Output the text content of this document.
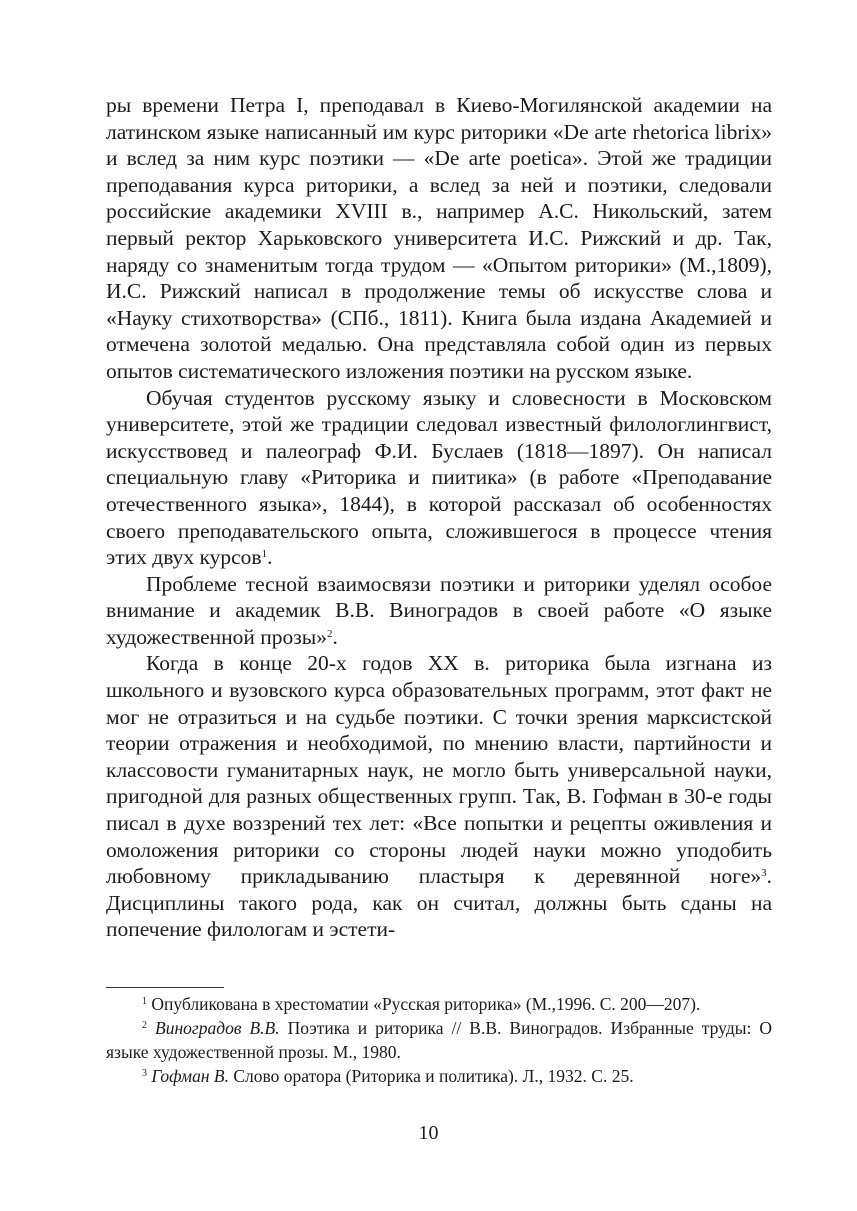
ры времени Петра I, преподавал в Киево-Могилянской академии на латинском языке написанный им курс риторики «De arte rhetorica librix» и вслед за ним курс поэтики — «De arte poetica». Этой же традиции преподавания курса риторики, а вслед за ней и поэтики, следовали российские академики XVIII в., например А.С. Никольский, затем первый ректор Харьковского университета И.С. Рижский и др. Так, наряду со знаменитым тогда трудом — «Опытом риторики» (М.,1809), И.С. Рижский написал в продолжение темы об искусстве слова и «Науку стихотворства» (СПб., 1811). Книга была издана Академией и отмечена золотой медалью. Она представляла собой один из первых опытов систематического изложения поэтики на русском языке.

Обучая студентов русскому языку и словесности в Московском университете, этой же традиции следовал известный филологлингвист, искусствовед и палеограф Ф.И. Буслаев (1818—1897). Он написал специальную главу «Риторика и пиитика» (в работе «Преподавание отечественного языка», 1844), в которой рассказал об особенностях своего преподавательского опыта, сложившегося в процессе чтения этих двух курсов$^1$.

Проблеме тесной взаимосвязи поэтики и риторики уделял особое внимание и академик В.В. Виноградов в своей работе «О языке художественной прозы»$^2$.

Когда в конце 20-х годов XX в. риторика была изгнана из школьного и вузовского курса образовательных программ, этот факт не мог не отразиться и на судьбе поэтики. С точки зрения марксистской теории отражения и необходимой, по мнению власти, партийности и классовости гуманитарных наук, не могло быть универсальной науки, пригодной для разных общественных групп. Так, В. Гофман в 30-е годы писал в духе воззрений тех лет: «Все попытки и рецепты оживления и омоложения риторики со стороны людей науки можно уподобить любовному прикладыванию пластыря к деревянной ноге»$^3$. Дисциплины такого рода, как он считал, должны быть сданы на попечение филологам и эстети-

$^1$ Опубликована в хрестоматии «Русская риторика» (М.,1996. С. 200—207).

$^2$ Виноградов В.В. Поэтика и риторика // В.В. Виноградов. Избранные труды: О языке художественной прозы. М., 1980.

$^3$ Гофман В. Слово оратора (Риторика и политика). Л., 1932. С. 25.

10
